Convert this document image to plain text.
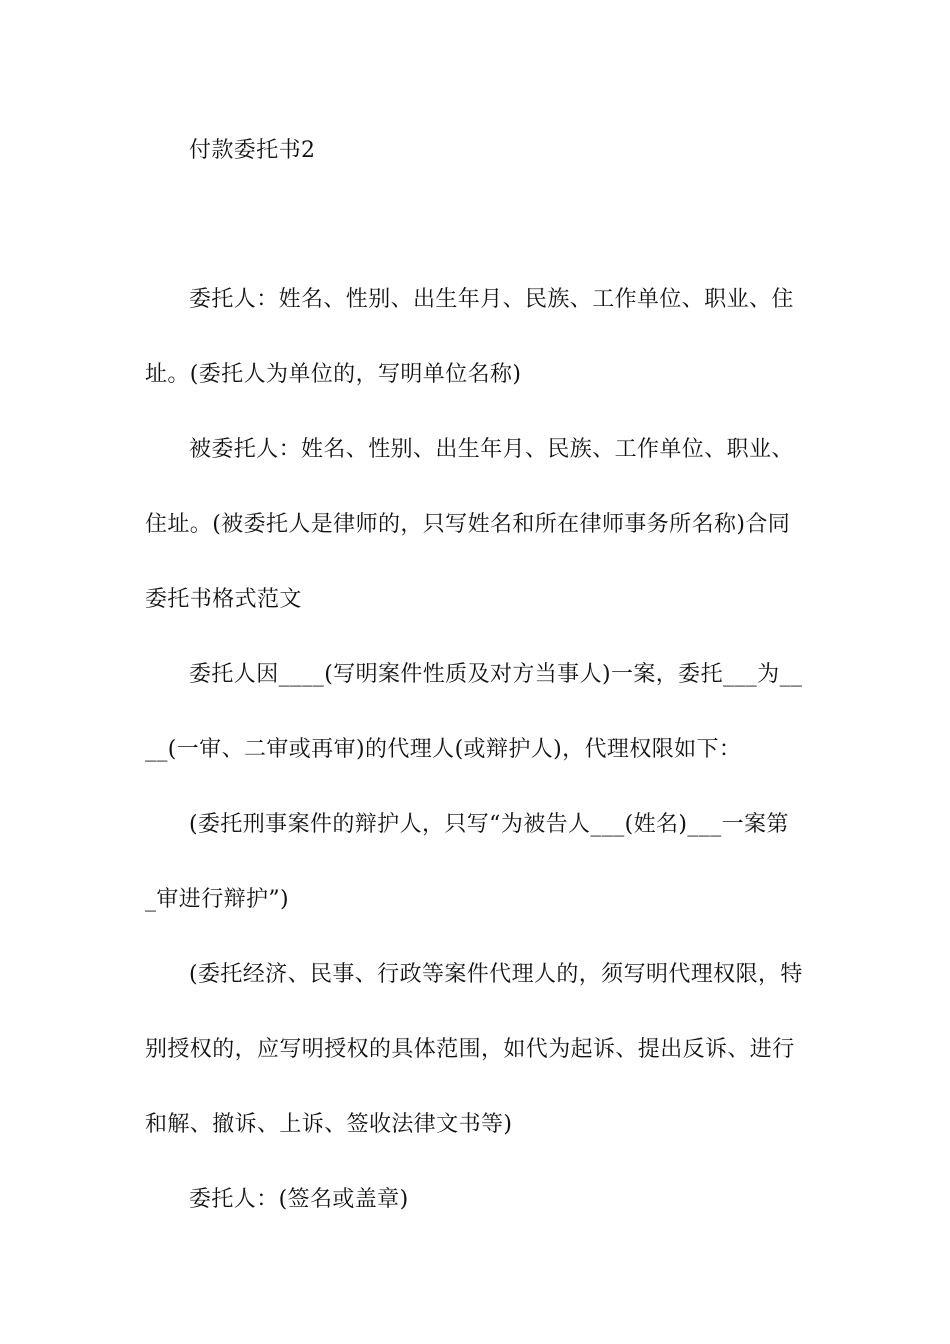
付款委托书2
委托人：姓名、性别、出生年月、民族、工作单位、职业、住
址。(委托人为单位的，写明单位名称)
被委托人：姓名、性别、出生年月、民族、工作单位、职业、
住址。(被委托人是律师的，只写姓名和所在律师事务所名称)合同
委托书格式范文
委托人因____(写明案件性质及对方当事人)一案，委托___为__
__(一审、二审或再审)的代理人(或辩护人)，代理权限如下：
(委托刑事案件的辩护人，只写“为被告人___(姓名)___一案第
_审进行辩护”)
(委托经济、民事、行政等案件代理人的，须写明代理权限，特
别授权的，应写明授权的具体范围，如代为起诉、提出反诉、进行
和解、撤诉、上诉、签收法律文书等)
委托人：(签名或盖章)
